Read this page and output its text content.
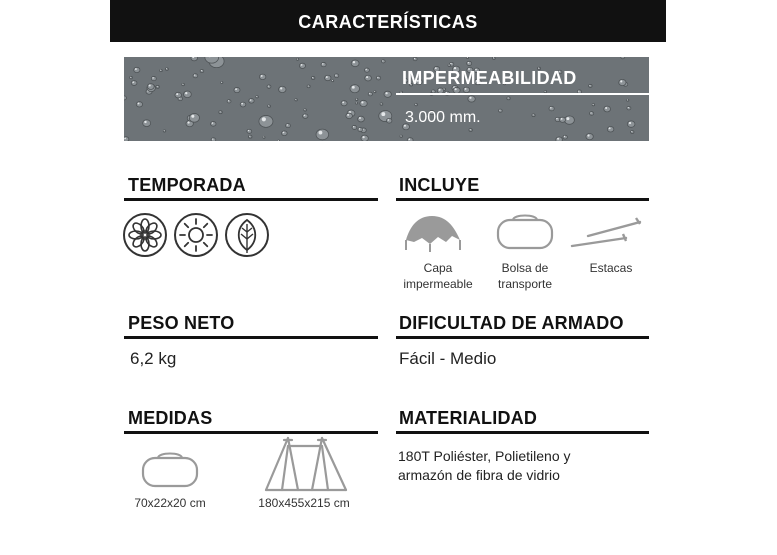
CARACTERÍSTICAS
IMPERMEABILIDAD
3.000 mm.
TEMPORADA	INCLUYE
Capa
impermeable
Bolsa de
transporte
Estacas
PESO NETO
6,2 kg
DIFICULTAD DE ARMADO
Fácil - Medio
MEDIDAS
70x22x20 cm	180x455x215 cm
MATERIALIDAD
180T Poliéster, Polietileno y
armazón de fibra de vidrio
